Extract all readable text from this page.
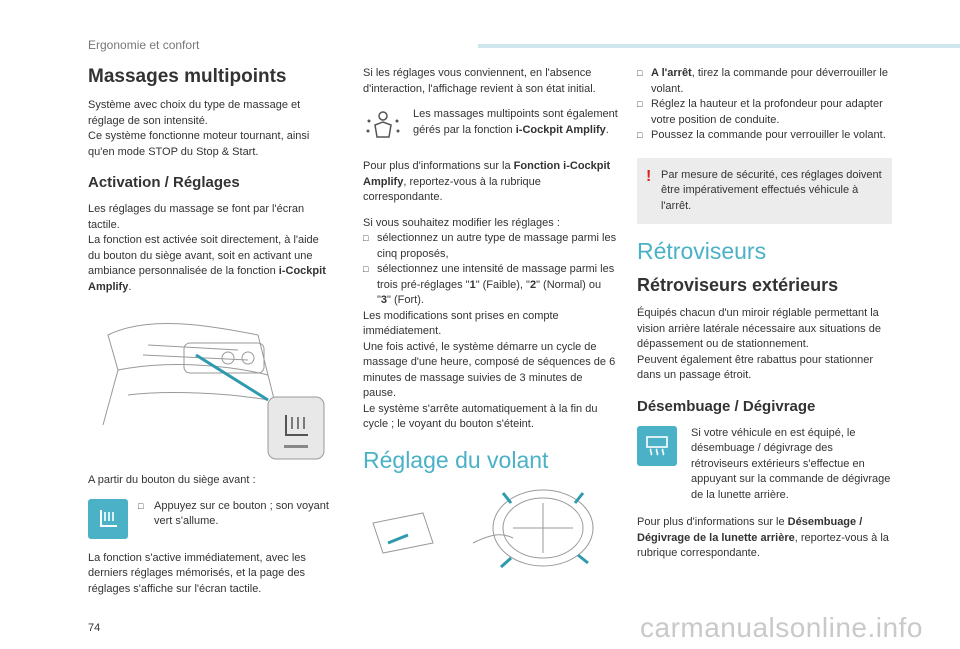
Ergonomie et confort
Massages multipoints

Système avec choix du type de massage et réglage de son intensité.
Ce système fonctionne moteur tournant, ainsi qu'en mode STOP du Stop & Start.

Activation / Réglages

Les réglages du massage se font par l'écran tactile.
La fonction est activée soit directement, à l'aide du bouton du siège avant, soit en activant une ambiance personnalisée de la fonction i-Cockpit Amplify.

A partir du bouton du siège avant :

□ Appuyez sur ce bouton ; son voyant vert s'allume.

La fonction s'active immédiatement, avec les derniers réglages mémorisés, et la page des réglages s'affiche sur l'écran tactile.

Si les réglages vous conviennent, en l'absence d'interaction, l'affichage revient à son état initial.

Les massages multipoints sont également gérés par la fonction i-Cockpit Amplify.

Pour plus d'informations sur la Fonction i-Cockpit Amplify, reportez-vous à la rubrique correspondante.

Si vous souhaitez modifier les réglages :

□ sélectionnez un autre type de massage parmi les cinq proposés,
□ sélectionnez une intensité de massage parmi les trois pré-réglages "1" (Faible), "2" (Normal) ou "3" (Fort).

Les modifications sont prises en compte immédiatement.

Une fois activé, le système démarre un cycle de massage d'une heure, composé de séquences de 6 minutes de massage suivies de 3 minutes de pause.

Le système s'arrête automatiquement à la fin du cycle ; le voyant du bouton s'éteint.

Réglage du volant
□ A l'arrêt, tirez la commande pour déverrouiller le volant.
□ Réglez la hauteur et la profondeur pour adapter votre position de conduite.
□ Poussez la commande pour verrouiller le volant.
! Par mesure de sécurité, ces réglages doivent être impérativement effectués véhicule à l'arrêt.
Rétroviseurs
Rétroviseurs extérieurs

Équipés chacun d'un miroir réglable permettant la vision arrière latérale nécessaire aux situations de dépassement ou de stationnement.
Peuvent également être rabattus pour stationner dans un passage étroit.

Désembuage / Dégivrage
Si votre véhicule en est équipé, le désembuage / dégivrage des rétroviseurs extérieurs s'effectue en appuyant sur la commande de dégivrage de la lunette arrière.

Pour plus d'informations sur le Désembuage / Dégivrage de la lunette arrière, reportez-vous à la rubrique correspondante.

74	carmanualsonline.info
